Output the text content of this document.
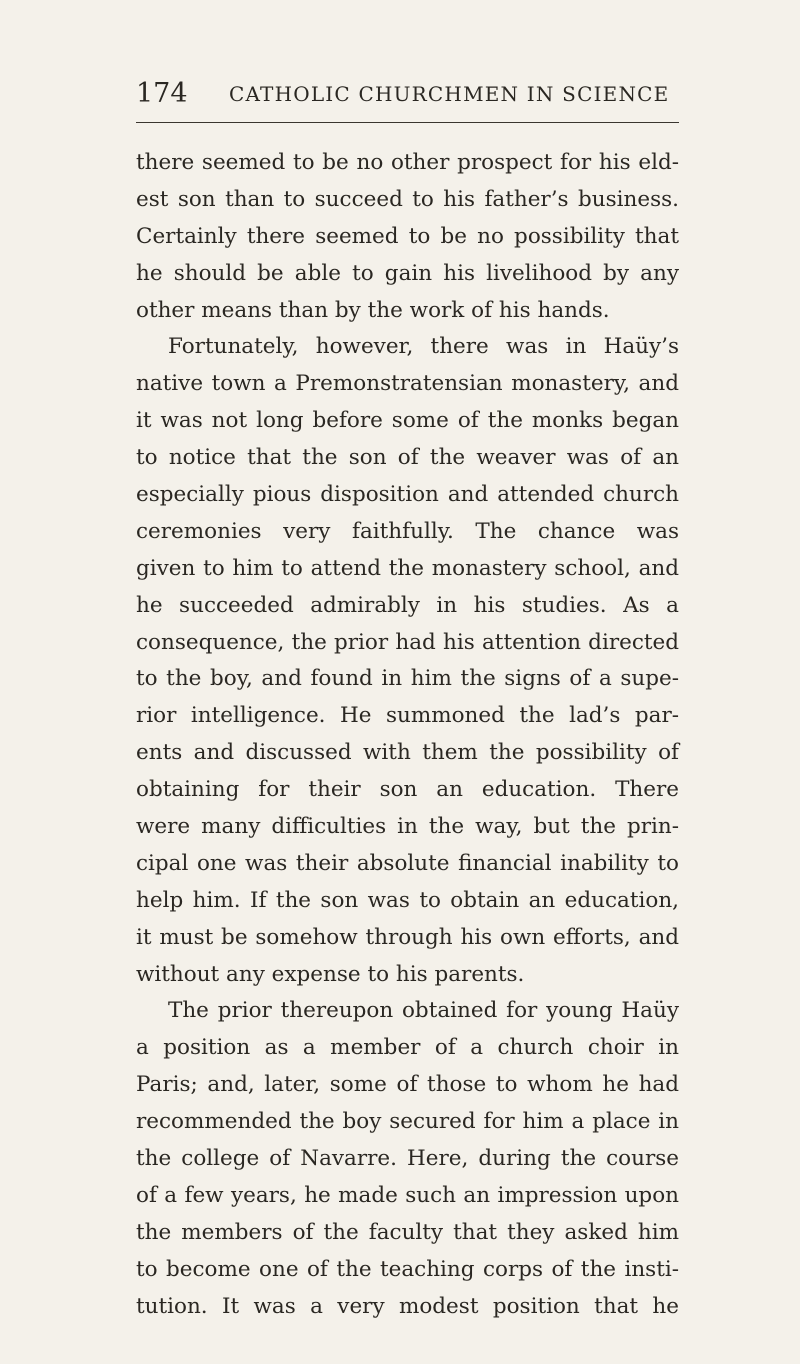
174 CATHOLIC CHURCHMEN IN SCIENCE
there seemed to be no other prospect for his eld-
est son than to succeed to his father’s business.
Certainly there seemed to be no possibility that
he should be able to gain his livelihood by any
other means than by the work of his hands.
Fortunately, however, there was in Haüy’s
native town a Premonstratensian monastery, and
it was not long before some of the monks began
to notice that the son of the weaver was of an
especially pious disposition and attended church
ceremonies very faithfully. The chance was
given to him to attend the monastery school, and
he succeeded admirably in his studies. As a
consequence, the prior had his attention directed
to the boy, and found in him the signs of a supe-
rior intelligence. He summoned the lad’s par-
ents and discussed with them the possibility of
obtaining for their son an education. There
were many difficulties in the way, but the prin-
cipal one was their absolute financial inability to
help him. If the son was to obtain an education,
it must be somehow through his own efforts, and
without any expense to his parents.
The prior thereupon obtained for young Haüy
a position as a member of a church choir in
Paris; and, later, some of those to whom he had
recommended the boy secured for him a place in
the college of Navarre. Here, during the course
of a few years, he made such an impression upon
the members of the faculty that they asked him
to become one of the teaching corps of the insti-
tution. It was a very modest position that he
